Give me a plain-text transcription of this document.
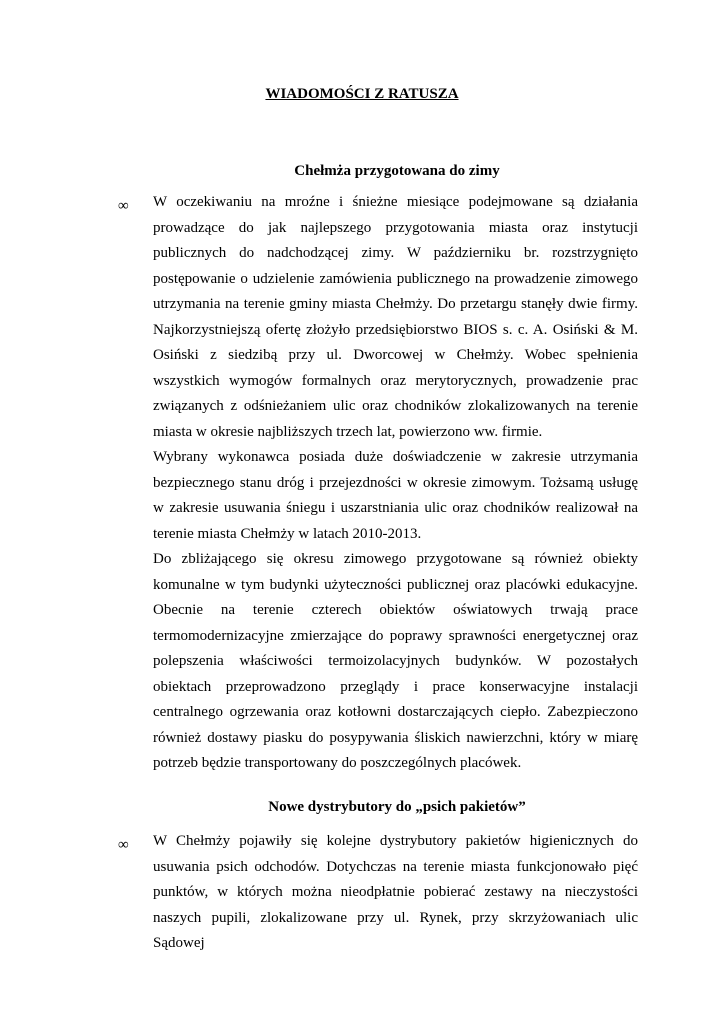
WIADOMOŚCI Z RATUSZA
Chełmża przygotowana do zimy
∞ W oczekiwaniu na mroźne i śnieżne miesiące podejmowane są działania prowadzące do jak najlepszego przygotowania miasta oraz instytucji publicznych do nadchodzącej zimy. W październiku br. rozstrzygnięto postępowanie o udzielenie zamówienia publicznego na prowadzenie zimowego utrzymania na terenie gminy miasta Chełmży. Do przetargu stanęły dwie firmy. Najkorzystniejszą ofertę złożyło przedsiębiorstwo BIOS s. c. A. Osiński & M. Osiński z siedzibą przy ul. Dworcowej w Chełmży. Wobec spełnienia wszystkich wymogów formalnych oraz merytorycznych, prowadzenie prac związanych z odśnieżaniem ulic oraz chodników zlokalizowanych na terenie miasta w okresie najbliższych trzech lat, powierzono ww. firmie.

Wybrany wykonawca posiada duże doświadczenie w zakresie utrzymania bezpiecznego stanu dróg i przejezdności w okresie zimowym. Tożsamą usługę w zakresie usuwania śniegu i uszarstniania ulic oraz chodników realizował na terenie miasta Chełmży w latach 2010-2013.

Do zbliżającego się okresu zimowego przygotowane są również obiekty komunalne w tym budynki użyteczności publicznej oraz placówki edukacyjne. Obecnie na terenie czterech obiektów oświatowych trwają prace termomodernizacyjne zmierzające do poprawy sprawności energetycznej oraz polepszenia właściwości termoizolacyjnych budynków. W pozostałych obiektach przeprowadzono przeglądy i prace konserwacyjne instalacji centralnego ogrzewania oraz kotłowni dostarczających ciepło. Zabezpieczono również dostawy piasku do posypywania śliskich nawierzchni, który w miarę potrzeb będzie transportowany do poszczególnych placówek.

Nowe dystrybutory do „psich pakietów”
∞ W Chełmży pojawiły się kolejne dystrybutory pakietów higienicznych do usuwania psich odchodów. Dotychczas na terenie miasta funkcjonowało pięć punktów, w których można nieodpłatnie pobierać zestawy na nieczystości naszych pupili, zlokalizowane przy ul. Rynek, przy skrzyżowaniach ulic Sądowej
